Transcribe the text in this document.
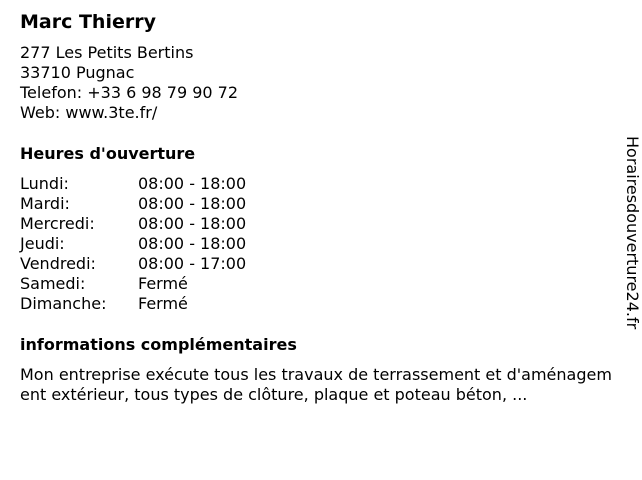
Marc Thierry
277 Les Petits Bertins
33710 Pugnac
Telefon: +33 6 98 79 90 72
Web: www.3te.fr/
Heures d'ouverture
Lundi:	08:00 - 18:00
Mardi:	08:00 - 18:00
Mercredi:	08:00 - 18:00
Jeudi:	08:00 - 18:00
Vendredi:	08:00 - 17:00
Samedi:	Fermé
Dimanche:	Fermé
informations complémentaires
Mon entreprise exécute tous les travaux de terrassement et d'aménagement extérieur, tous types de clôture, plaque et poteau béton, ...
Horairesdouverture24.fr
